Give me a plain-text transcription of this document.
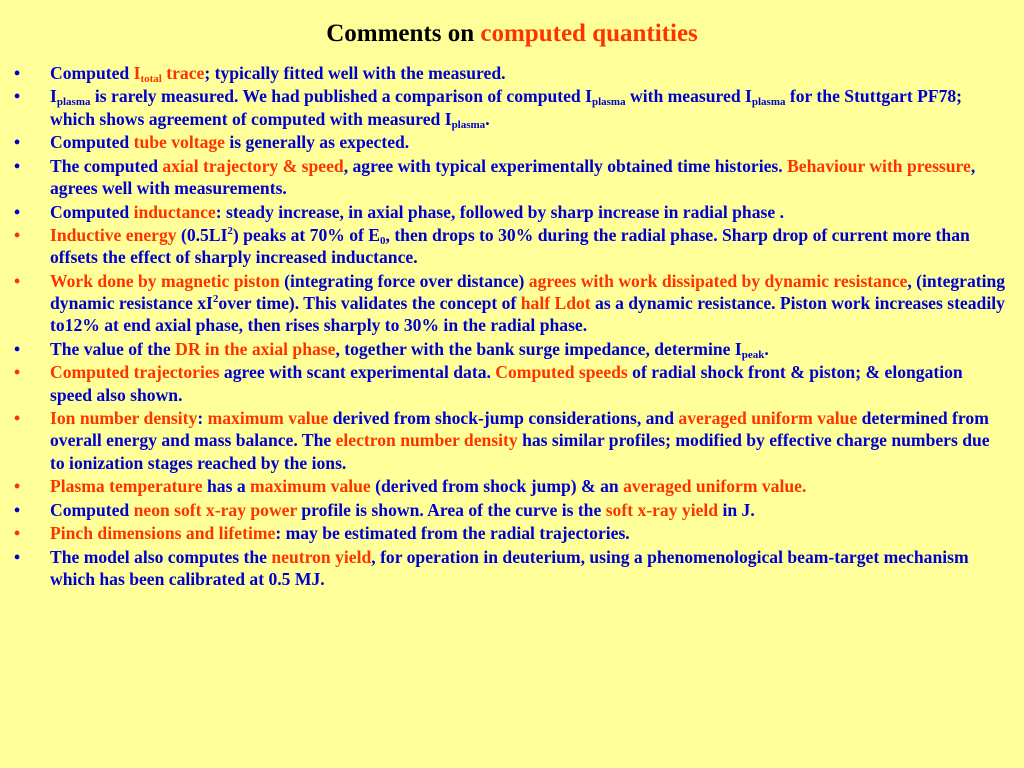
Comments on computed quantities
• Computed $I_{total}$ trace; typically fitted well with the measured.
• $I_{plasma}$ is rarely measured. We had published a comparison of computed $I_{plasma}$ with measured $I_{plasma}$ for the Stuttgart PF78; which shows agreement of computed with measured $I_{plasma}$.
• Computed tube voltage is generally as expected.
• The computed axial trajectory & speed, agree with typical experimentally obtained time histories. Behaviour with pressure, agrees well with measurements.
• Computed inductance: steady increase, in axial phase, followed by sharp increase in radial phase .
• Inductive energy $(0.5LI^2)$ peaks at 70% of $E_0$, then drops to 30% during the radial phase. Sharp drop of current more than offsets the effect of sharply increased inductance.
• Work done by magnetic piston (integrating force over distance) agrees with work dissipated by dynamic resistance, (integrating dynamic resistance $xI^2over$ time). This validates the concept of half Ldot as a dynamic resistance. Piston work increases steadily to12% at end axial phase, then rises sharply to 30% in the radial phase.
• The value of the DR in the axial phase, together with the bank surge impedance, determine $I_{peak}$.
• Computed trajectories agree with scant experimental data. Computed speeds of radial shock front & piston; & elongation speed also shown.
• Ion number density: maximum value derived from shock-jump considerations, and averaged uniform value determined from overall energy and mass balance. The electron number density has similar profiles; modified by effective charge numbers due to ionization stages reached by the ions.
• Plasma temperature has a maximum value (derived from shock jump) & an averaged uniform value.
• Computed neon soft x-ray power profile is shown. Area of the curve is the soft x-ray yield in J.
• Pinch dimensions and lifetime: may be estimated from the radial trajectories.
• The model also computes the neutron yield, for operation in deuterium, using a phenomenological beam-target mechanism which has been calibrated at 0.5 MJ.
